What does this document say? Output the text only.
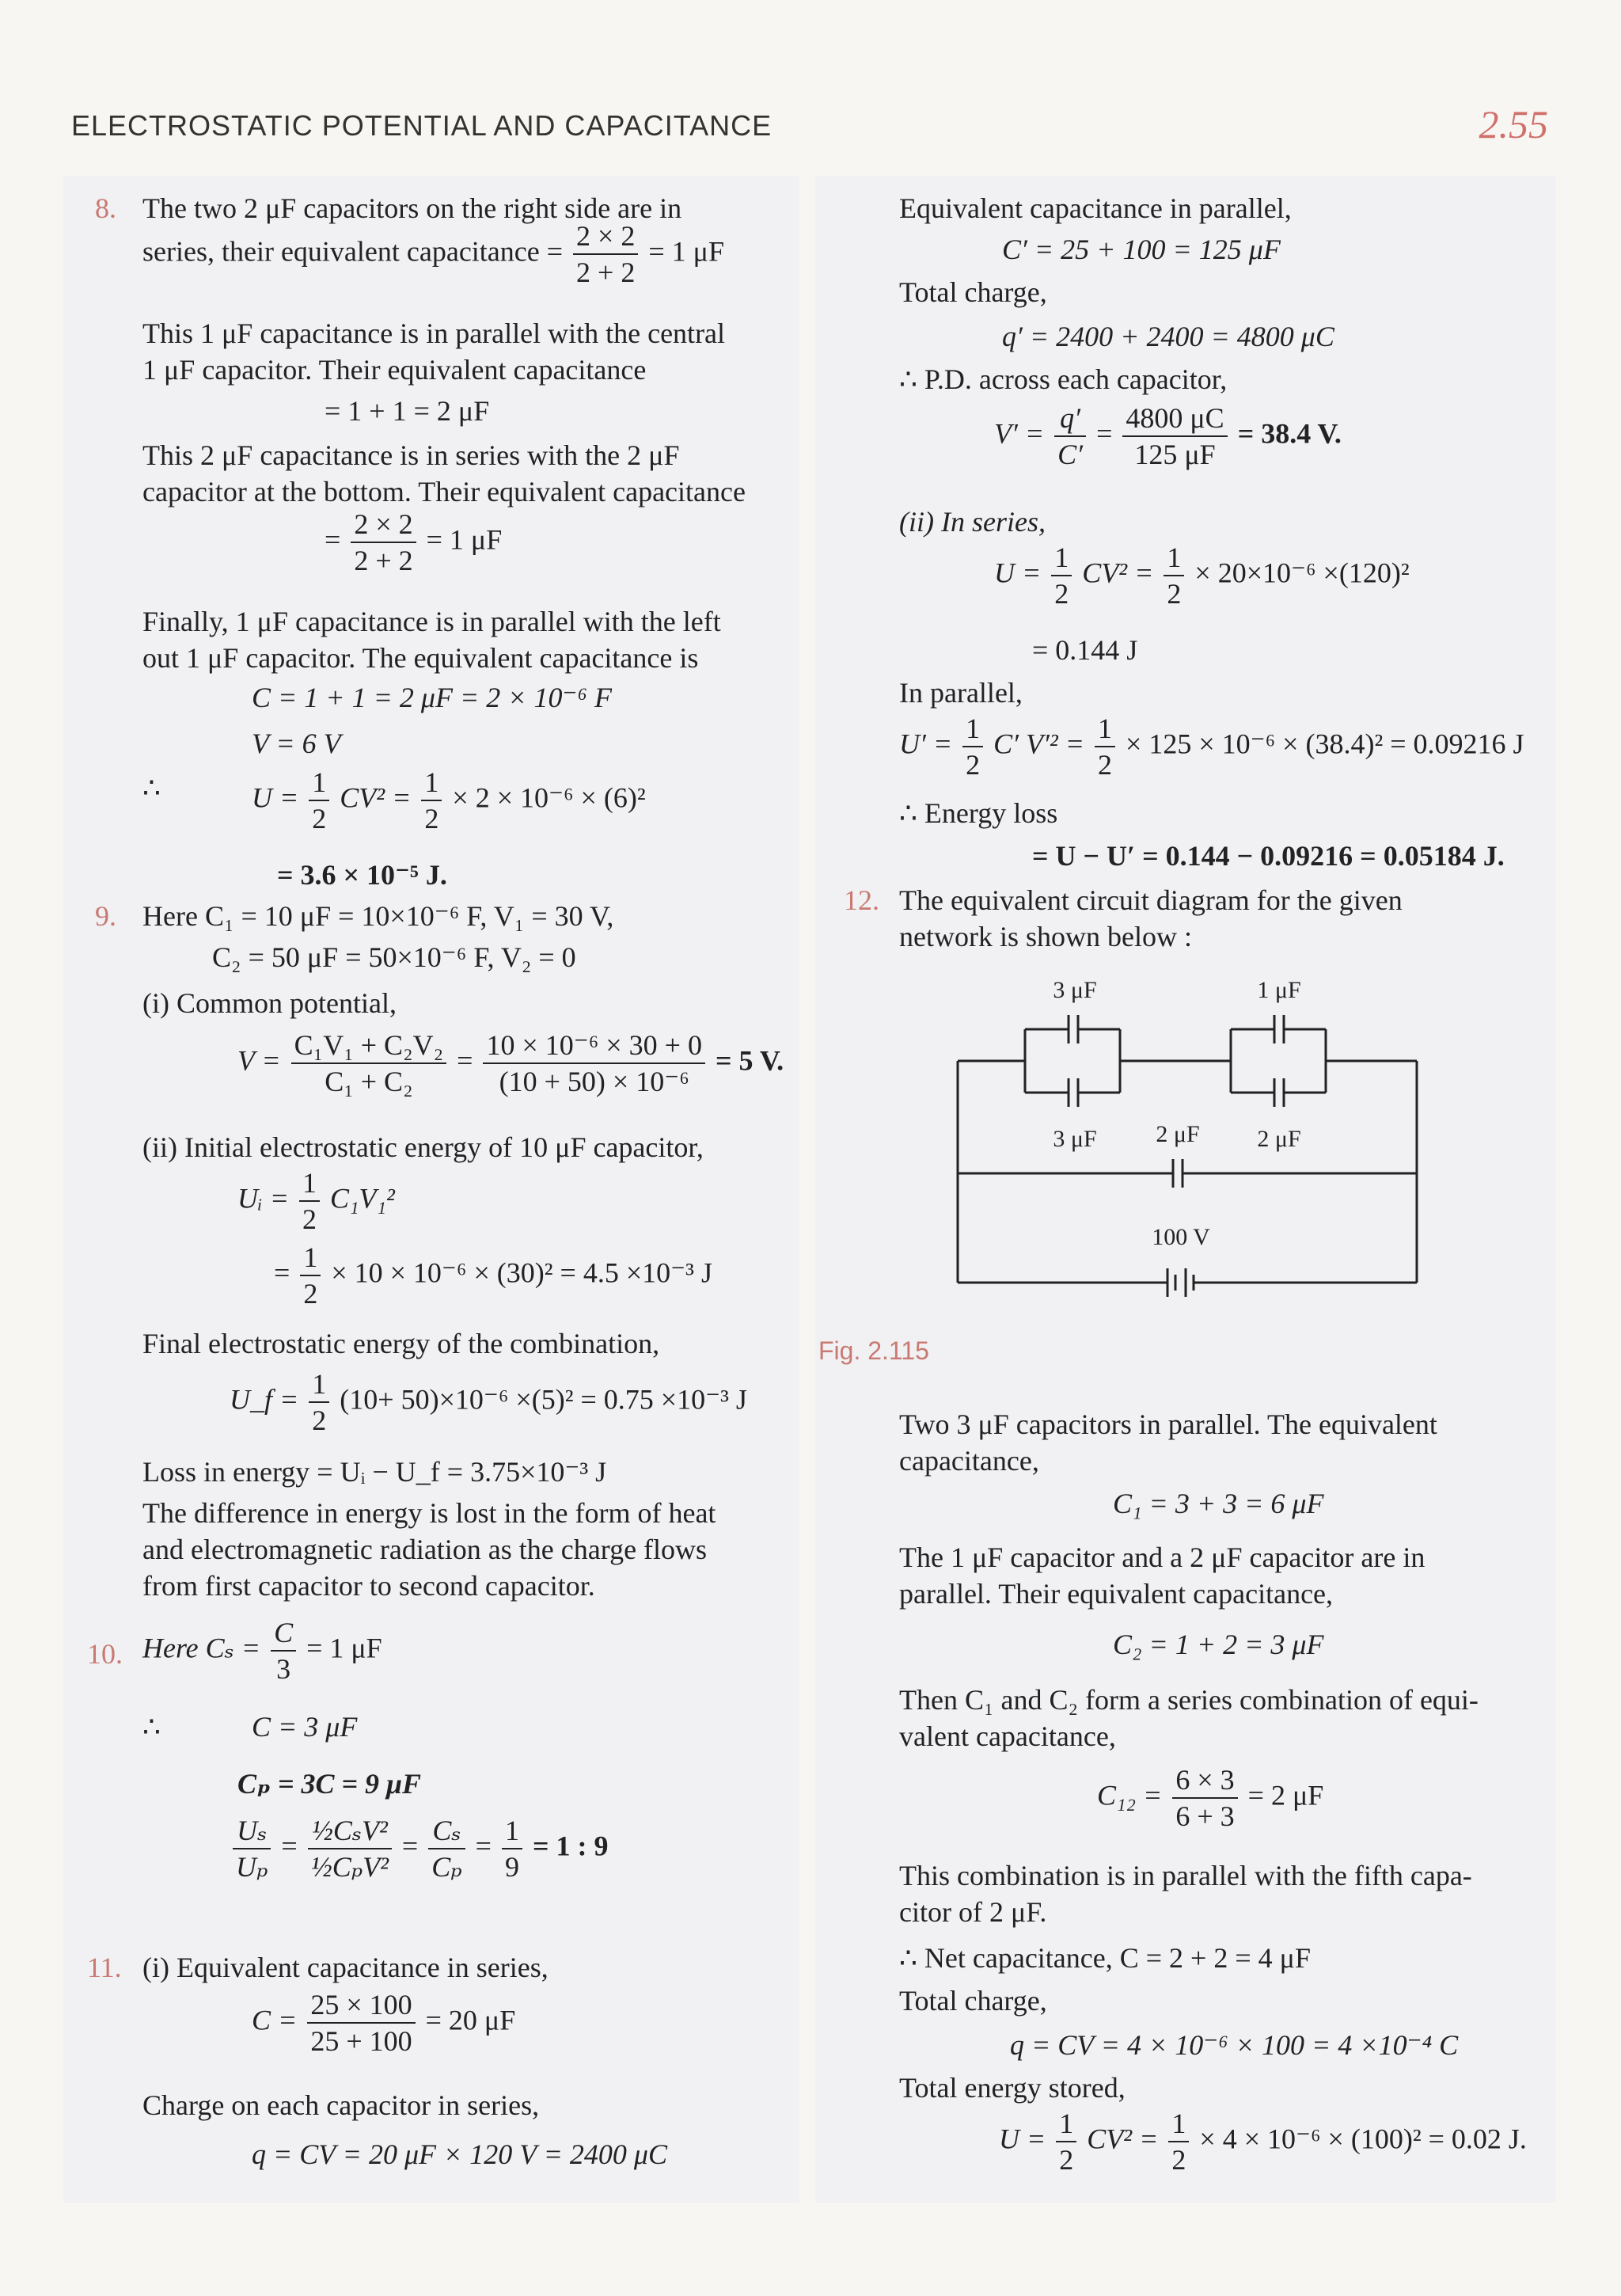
ELECTROSTATIC POTENTIAL AND CAPACITANCE	2.55
8. The two 2 μF capacitors on the right side are in
series, their equivalent capacitance = $\frac{2 \times 2}{2 + 2} = 1$ μF
This 1 μF capacitance is in parallel with the central
1 μF capacitor. Their equivalent capacitance
= 1 + 1 = 2 μF
This 2 μF capacitance is in series with the 2 μF
capacitor at the bottom. Their equivalent capacitance
= $\frac{2 \times 2}{2 + 2} = 1$ μF
Finally, 1 μF capacitance is in parallel with the left
out 1 μF capacitor. The equivalent capacitance is
C = 1 + 1 = 2 μF = 2 × 10⁻⁶ F
V = 6 V
∴	$U = \frac{1}{2} CV^2 = \frac{1}{2} \times 2 \times 10^{-6} \times (6)^2$
= 3.6 × 10⁻⁵ J.
9. Here C₁ = 10 μF = 10×10⁻⁶ F, V₁ = 30 V,
C₂ = 50 μF = 50×10⁻⁶ F, V₂ = 0
(i) Common potential,
$V = \frac{\text{C₁V₁ + C₂V₂}}{\text{C₁ + C₂}} = \frac{\text{10 × 10⁻⁶ × 30 + 0}}{\text{(10 + 50) × 10⁻⁶}} = 5$ V.
(ii) Initial electrostatic energy of 10 μF capacitor,
Uᵢ = $\frac{1}{2} C_1V_1^2$
= $\frac{1}{2} \times 10 \times 10^{-6} \times (30)^2 = 4.5 \times 10^{-3}$ J
Final electrostatic energy of the combination,
U_f = $\frac{1}{2} (10+ 50)\times 10^{-6} \times(5)^2 = 0.75 \times 10^{-3}$ J
Loss in energy = Uᵢ − U_f = 3.75×10⁻³ J
The difference in energy is lost in the form of heat
and electromagnetic radiation as the charge flows
from first capacitor to second capacitor.
10. Here $C_s = \frac{C}{3} = 1$ μF
∴	C = 3 μF
Cₚ = 3C = 9 μF
$\frac{\text{Uₛ}}{\text{Uₚ}} = \frac{\text{½CₛV²}}{\text{½CₚV²}} = \frac{\text{Cₛ}}{\text{Cₚ}} = \frac{1}{9} = 1$ : 9
11. (i) Equivalent capacitance in series,
$C = \frac{25 \times 100}{25 + 100} = 20$ μF
Charge on each capacitor in series,
q = CV = 20 μF × 120 V = 2400 μC
Equivalent capacitance in parallel,
C′ = 25 + 100 = 125 μF
Total charge,
q′ = 2400 + 2400 = 4800 μC
∴ P.D. across each capacitor,
$V' = \frac{q'}{C'} = \frac{4800 \mu C}{125 \mu F} = 38.4$ V.
(ii) In series,
$U = \frac{1}{2} CV^2 = \frac{1}{2} \times 20\times 10^{-6} \times(120)^2$
= 0.144 J
In parallel,
$U' = \frac{1}{2} C'$ $V'^2 = \frac{1}{2} \times 125 \times 10^{-6} \times (38.4)^2 = 0.09216$ J
∴ Energy loss
= U − U′ = 0.144 − 0.09216 = 0.05184 J.
12. The equivalent circuit diagram for the given
network is shown below :
3 μF
3 μF
1 μF
2 μF
2 μF
100 V
Fig. 2.115
Two 3 μF capacitors in parallel. The equivalent
capacitance,
C₁ = 3 + 3 = 6 μF
The 1 μF capacitor and a 2 μF capacitor are in
parallel. Their equivalent capacitance,
C₂ = 1 + 2 = 3 μF
Then C₁ and C₂ form a series combination of equi-
valent capacitance,
$C_{12} = \frac{6 \times 3}{6 + 3} = 2$ μF
This combination is in parallel with the fifth capa-
citor of 2 μF.
∴ Net capacitance, C = 2 + 2 = 4 μF
Total charge,
q = CV = 4 × 10⁻⁶ × 100 = 4 ×10⁻⁴ C
Total energy stored,
$U = \frac{1}{2} CV^2 = \frac{1}{2} \times 4 \times 10^{-6} \times (100)^2 = 0.02$ J.
